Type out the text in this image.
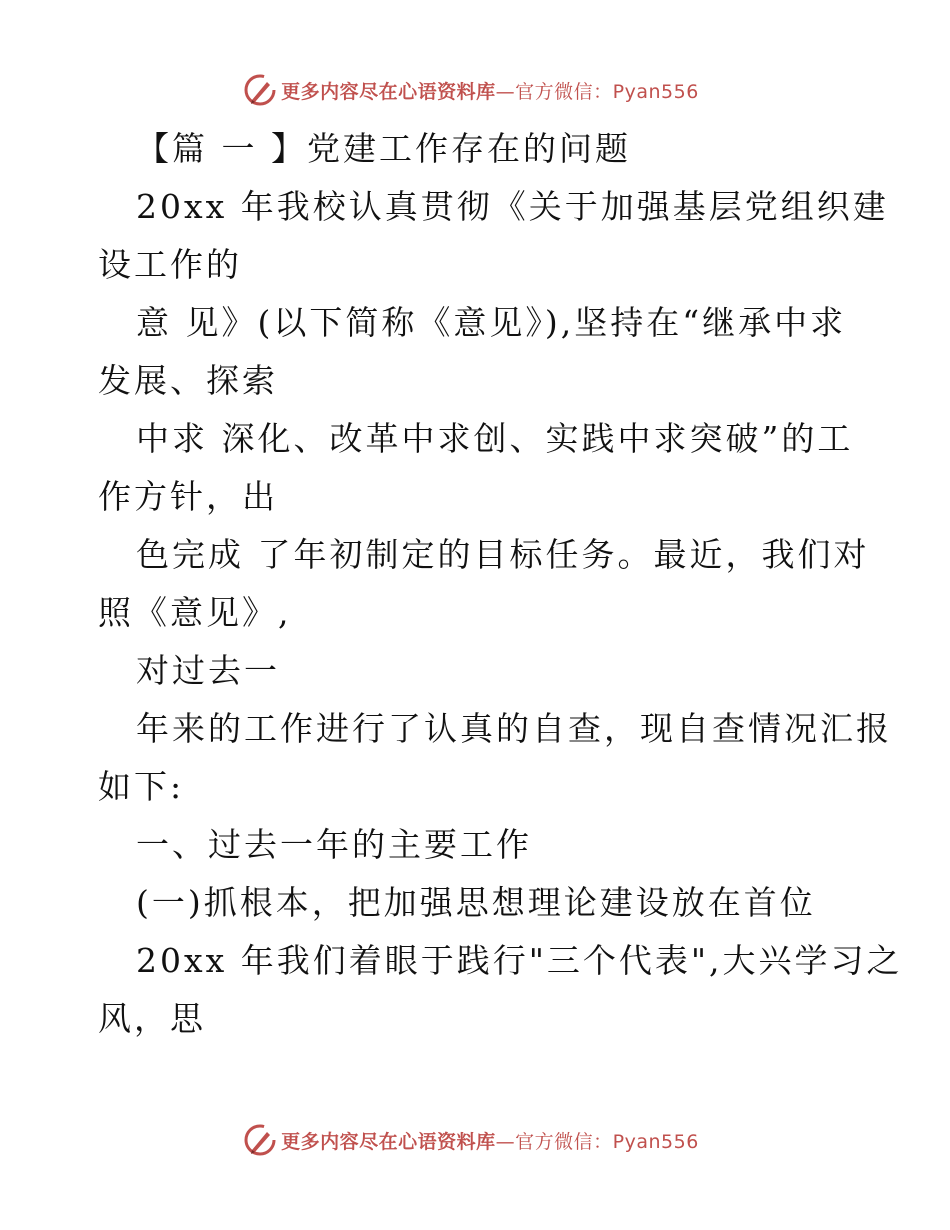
更多内容尽在心语资料库—官方微信：Pyan556

【篇 一 】党建工作存在的问题

20xx 年我校认真贯彻《关于加强基层党组织建

设工作的

意 见》(以下简称《意见》),坚持在“继承中求

发展、探索

中求 深化、改革中求创、实践中求突破”的工

作方针，出

色完成 了年初制定的目标任务。最近，我们对

照《意见》,

对过去一

年来的工作进行了认真的自查，现自查情况汇报

如下:

一、过去一年的主要工作

(一)抓根本，把加强思想理论建设放在首位

20xx 年我们着眼于践行"三个代表",大兴学习之

风，思

更多内容尽在心语资料库—官方微信：Pyan556
